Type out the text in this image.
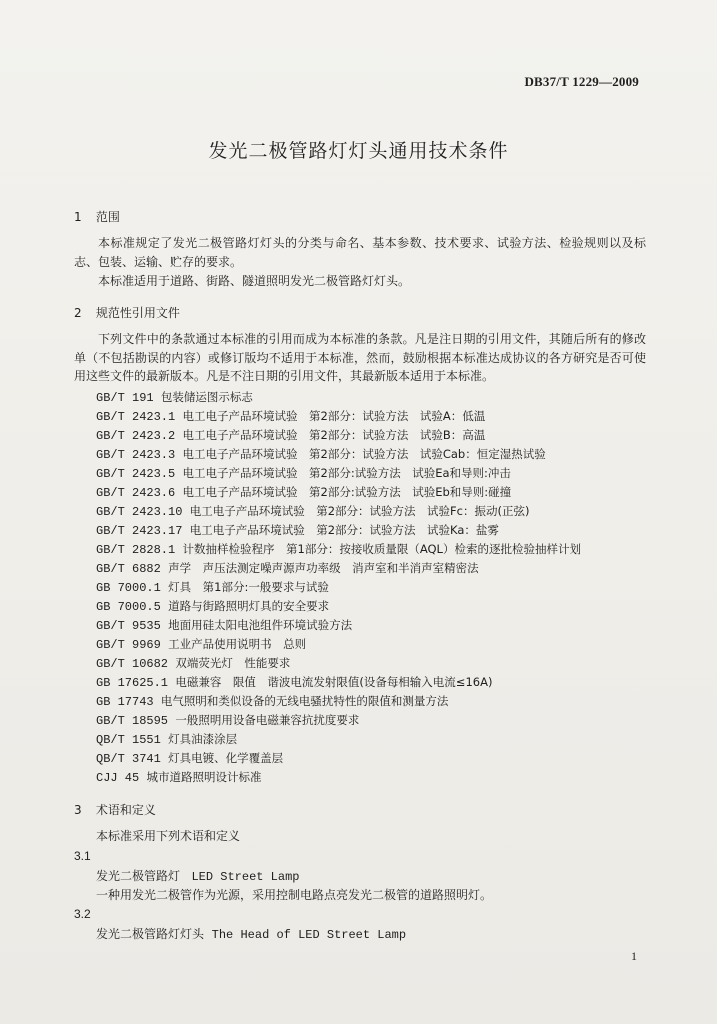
DB37/T 1229—2009
发光二极管路灯灯头通用技术条件
1 范围
本标准规定了发光二极管路灯灯头的分类与命名、基本参数、技术要求、试验方法、检验规则以及标志、包装、运输、贮存的要求。
本标准适用于道路、街路、隧道照明发光二极管路灯灯头。
2 规范性引用文件
下列文件中的条款通过本标准的引用而成为本标准的条款。凡是注日期的引用文件，其随后所有的修改单（不包括勘误的内容）或修订版均不适用于本标准，然而，鼓励根据本标准达成协议的各方研究是否可使用这些文件的最新版本。凡是不注日期的引用文件，其最新版本适用于本标准。
GB/T 191 包装储运图示标志
GB/T 2423.1 电工电子产品环境试验　第2部分：试验方法　试验A：低温
GB/T 2423.2 电工电子产品环境试验　第2部分：试验方法　试验B：高温
GB/T 2423.3 电工电子产品环境试验　第2部分：试验方法　试验Cab：恒定湿热试验
GB/T 2423.5 电工电子产品环境试验　第2部分:试验方法　试验Ea和导则:冲击
GB/T 2423.6 电工电子产品环境试验　第2部分:试验方法　试验Eb和导则:碰撞
GB/T 2423.10 电工电子产品环境试验　第2部分：试验方法　试验Fc：振动(正弦)
GB/T 2423.17 电工电子产品环境试验　第2部分：试验方法　试验Ka：盐雾
GB/T 2828.1 计数抽样检验程序　第1部分：按接收质量限（AQL）检索的逐批检验抽样计划
GB/T 6882 声学　声压法测定噪声源声功率级　消声室和半消声室精密法
GB 7000.1 灯具　第1部分:一般要求与试验
GB 7000.5 道路与街路照明灯具的安全要求
GB/T 9535 地面用硅太阳电池组件环境试验方法
GB/T 9969 工业产品使用说明书　总则
GB/T 10682 双端荧光灯　性能要求
GB 17625.1 电磁兼容　限值　谐波电流发射限值(设备每相输入电流≤16A)
GB 17743 电气照明和类似设备的无线电骚扰特性的限值和测量方法
GB/T 18595 一般照明用设备电磁兼容抗扰度要求
QB/T 1551 灯具油漆涂层
QB/T 3741 灯具电镀、化学覆盖层
CJJ 45 城市道路照明设计标准
3 术语和定义
本标准采用下列术语和定义
3.1
发光二极管路灯 LED Street Lamp
一种用发光二极管作为光源，采用控制电路点亮发光二极管的道路照明灯。
3.2
发光二极管路灯灯头 The Head of LED Street Lamp
1
